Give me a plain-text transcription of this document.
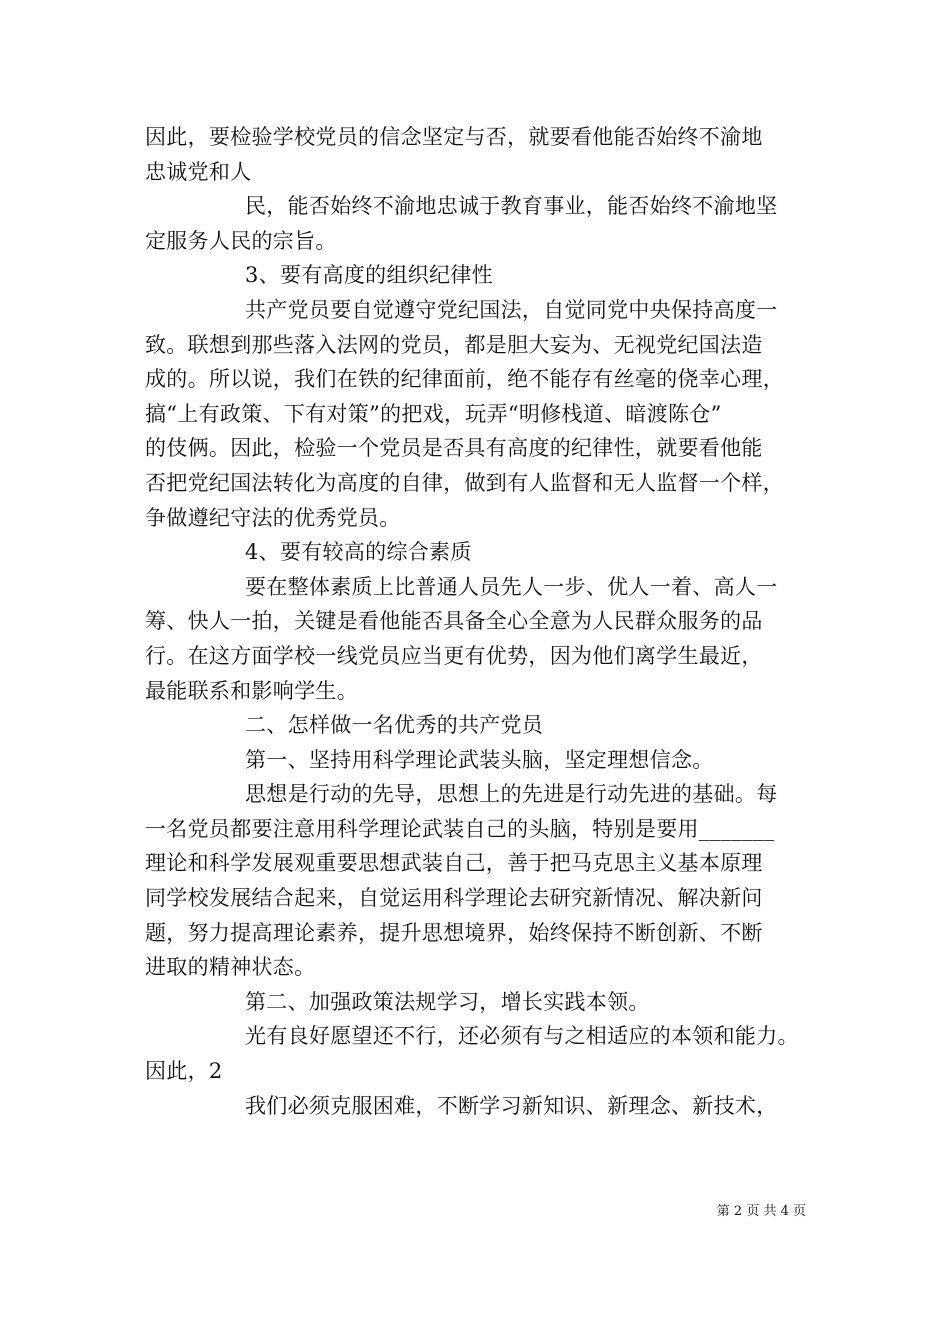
因此，要检验学校党员的信念坚定与否，就要看他能否始终不渝地
忠诚党和人
民，能否始终不渝地忠诚于教育事业，能否始终不渝地坚
定服务人民的宗旨。
3、要有高度的组织纪律性
共产党员要自觉遵守党纪国法，自觉同党中央保持高度一
致。联想到那些落入法网的党员，都是胆大妄为、无视党纪国法造
成的。所以说，我们在铁的纪律面前，绝不能存有丝毫的侥幸心理，
搞“上有政策、下有对策”的把戏，玩弄“明修栈道、暗渡陈仓”
的伎俩。因此，检验一个党员是否具有高度的纪律性，就要看他能
否把党纪国法转化为高度的自律，做到有人监督和无人监督一个样，
争做遵纪守法的优秀党员。
4、要有较高的综合素质
要在整体素质上比普通人员先人一步、优人一着、高人一
筹、快人一拍，关键是看他能否具备全心全意为人民群众服务的品
行。在这方面学校一线党员应当更有优势，因为他们离学生最近，
最能联系和影响学生。
二、怎样做一名优秀的共产党员
第一、坚持用科学理论武装头脑，坚定理想信念。
思想是行动的先导，思想上的先进是行动先进的基础。每
一名党员都要注意用科学理论武装自己的头脑，特别是要用_______
理论和科学发展观重要思想武装自己，善于把马克思主义基本原理
同学校发展结合起来，自觉运用科学理论去研究新情况、解决新问
题，努力提高理论素养，提升思想境界，始终保持不断创新、不断
进取的精神状态。
第二、加强政策法规学习，增长实践本领。
光有良好愿望还不行，还必须有与之相适应的本领和能力。
因此，2
我们必须克服困难，不断学习新知识、新理念、新技术，
第 2 页 共 4 页
